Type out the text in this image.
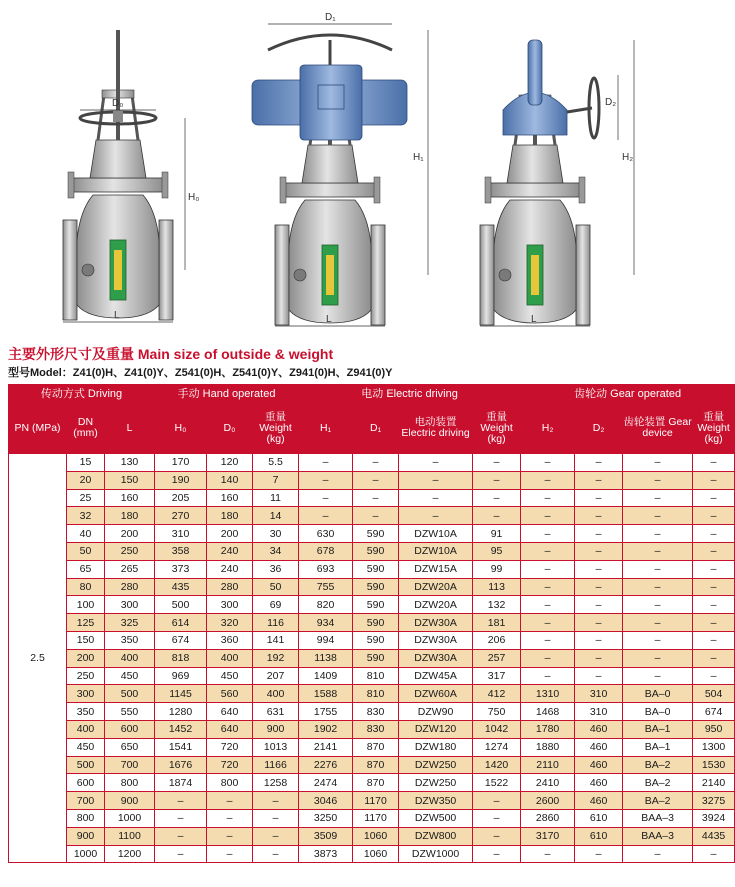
D₀
H₀
L
D₁
H₁
L
D₂
H₂
L
主要外形尺寸及重量 Main size of outside & weight
型号Model：Z41(0)H、Z41(0)Y、Z541(0)H、Z541(0)Y、Z941(0)H、Z941(0)Y
传动方式 Driving			手动 Hand operated			电动 Electric driving				齿轮动 Gear operated			
PN (MPa)	DN (mm)	L	H₀	D₀	重量 Weight (kg)	H₁	D₁	电动装置 Electric driving	重量 Weight (kg)	H₂	D₂	齿轮装置 Gear device	重量 Weight (kg)
2.5	15	130	170	120	5.5	–	–	–	–	–	–	–	–
	20	150	190	140	7	–	–	–	–	–	–	–	–
	25	160	205	160	11	–	–	–	–	–	–	–	–
	32	180	270	180	14	–	–	–	–	–	–	–	–
	40	200	310	200	30	630	590	DZW10A	91	–	–	–	–
	50	250	358	240	34	678	590	DZW10A	95	–	–	–	–
	65	265	373	240	36	693	590	DZW15A	99	–	–	–	–
	80	280	435	280	50	755	590	DZW20A	113	–	–	–	–
	100	300	500	300	69	820	590	DZW20A	132	–	–	–	–
	125	325	614	320	116	934	590	DZW30A	181	–	–	–	–
	150	350	674	360	141	994	590	DZW30A	206	–	–	–	–
	200	400	818	400	192	1138	590	DZW30A	257	–	–	–	–
	250	450	969	450	207	1409	810	DZW45A	317	–	–	–	–
	300	500	1145	560	400	1588	810	DZW60A	412	1310	310	BA–0	504
	350	550	1280	640	631	1755	830	DZW90	750	1468	310	BA–0	674
	400	600	1452	640	900	1902	830	DZW120	1042	1780	460	BA–1	950
	450	650	1541	720	1013	2141	870	DZW180	1274	1880	460	BA–1	1300
	500	700	1676	720	1166	2276	870	DZW250	1420	2110	460	BA–2	1530
	600	800	1874	800	1258	2474	870	DZW250	1522	2410	460	BA–2	2140
	700	900	–	–	–	3046	1170	DZW350	–	2600	460	BA–2	3275
	800	1000	–	–	–	3250	1170	DZW500	–	2860	610	BAA–3	3924
	900	1100	–	–	–	3509	1060	DZW800	–	3170	610	BAA–3	4435
	1000	1200	–	–	–	3873	1060	DZW1000	–	–	–	–	–
